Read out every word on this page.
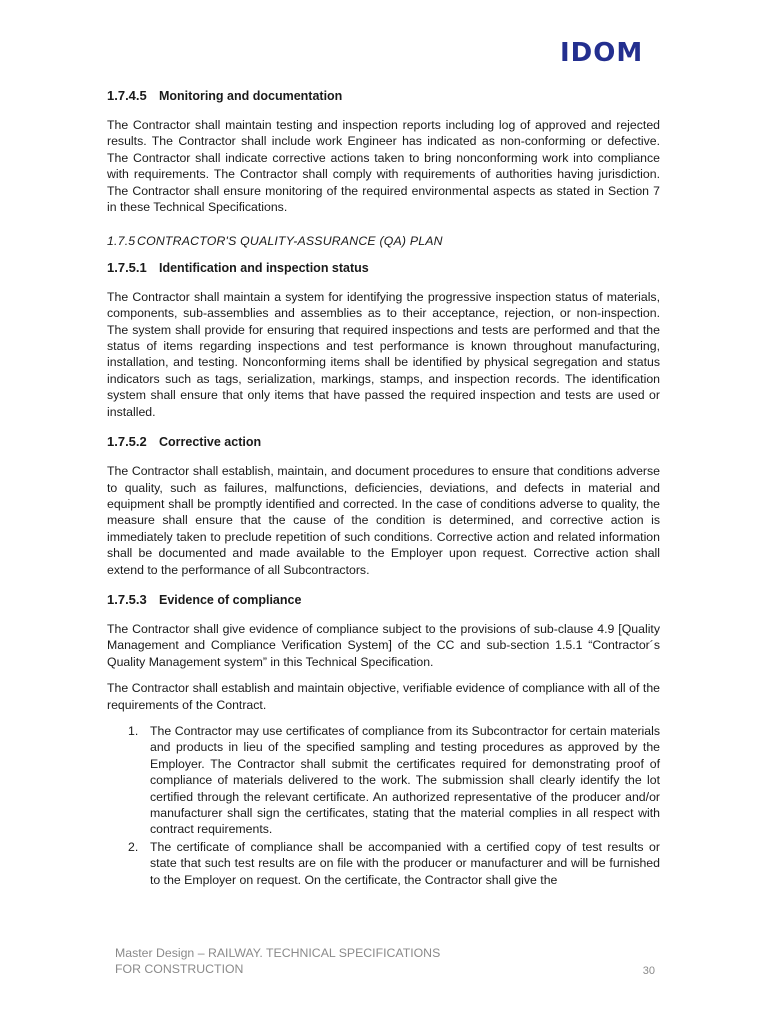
IDOM
1.7.4.5 Monitoring and documentation

The Contractor shall maintain testing and inspection reports including log of approved and rejected results. The Contractor shall include work Engineer has indicated as non-conforming or defective. The Contractor shall indicate corrective actions taken to bring nonconforming work into compliance with requirements. The Contractor shall comply with requirements of authorities having jurisdiction. The Contractor shall ensure monitoring of the required environmental aspects as stated in Section 7 in these Technical Specifications.

1.7.5 CONTRACTOR'S QUALITY-ASSURANCE (QA) PLAN
1.7.5.1 Identification and inspection status

The Contractor shall maintain a system for identifying the progressive inspection status of materials, components, sub-assemblies and assemblies as to their acceptance, rejection, or non-inspection. The system shall provide for ensuring that required inspections and tests are performed and that the status of items regarding inspections and test performance is known throughout manufacturing, installation, and testing. Nonconforming items shall be identified by physical segregation and status indicators such as tags, serialization, markings, stamps, and inspection records. The identification system shall ensure that only items that have passed the required inspection and tests are used or installed.

1.7.5.2 Corrective action

The Contractor shall establish, maintain, and document procedures to ensure that conditions adverse to quality, such as failures, malfunctions, deficiencies, deviations, and defects in material and equipment shall be promptly identified and corrected. In the case of conditions adverse to quality, the measure shall ensure that the cause of the condition is determined, and corrective action is immediately taken to preclude repetition of such conditions. Corrective action and related information shall be documented and made available to the Employer upon request. Corrective action shall extend to the performance of all Subcontractors.

1.7.5.3 Evidence of compliance

The Contractor shall give evidence of compliance subject to the provisions of sub-clause 4.9 [Quality Management and Compliance Verification System] of the CC and sub-section 1.5.1 “Contractor´s Quality Management system” in this Technical Specification.

The Contractor shall establish and maintain objective, verifiable evidence of compliance with all of the requirements of the Contract.

1. The Contractor may use certificates of compliance from its Subcontractor for certain materials and products in lieu of the specified sampling and testing procedures as approved by the Employer. The Contractor shall submit the certificates required for demonstrating proof of compliance of materials delivered to the work. The submission shall clearly identify the lot certified through the relevant certificate. An authorized representative of the producer and/or manufacturer shall sign the certificates, stating that the material complies in all respect with contract requirements.
2. The certificate of compliance shall be accompanied with a certified copy of test results or state that such test results are on file with the producer or manufacturer and will be furnished to the Employer on request. On the certificate, the Contractor shall give the
Master Design – RAILWAY. TECHNICAL SPECIFICATIONS
FOR CONSTRUCTION	30
